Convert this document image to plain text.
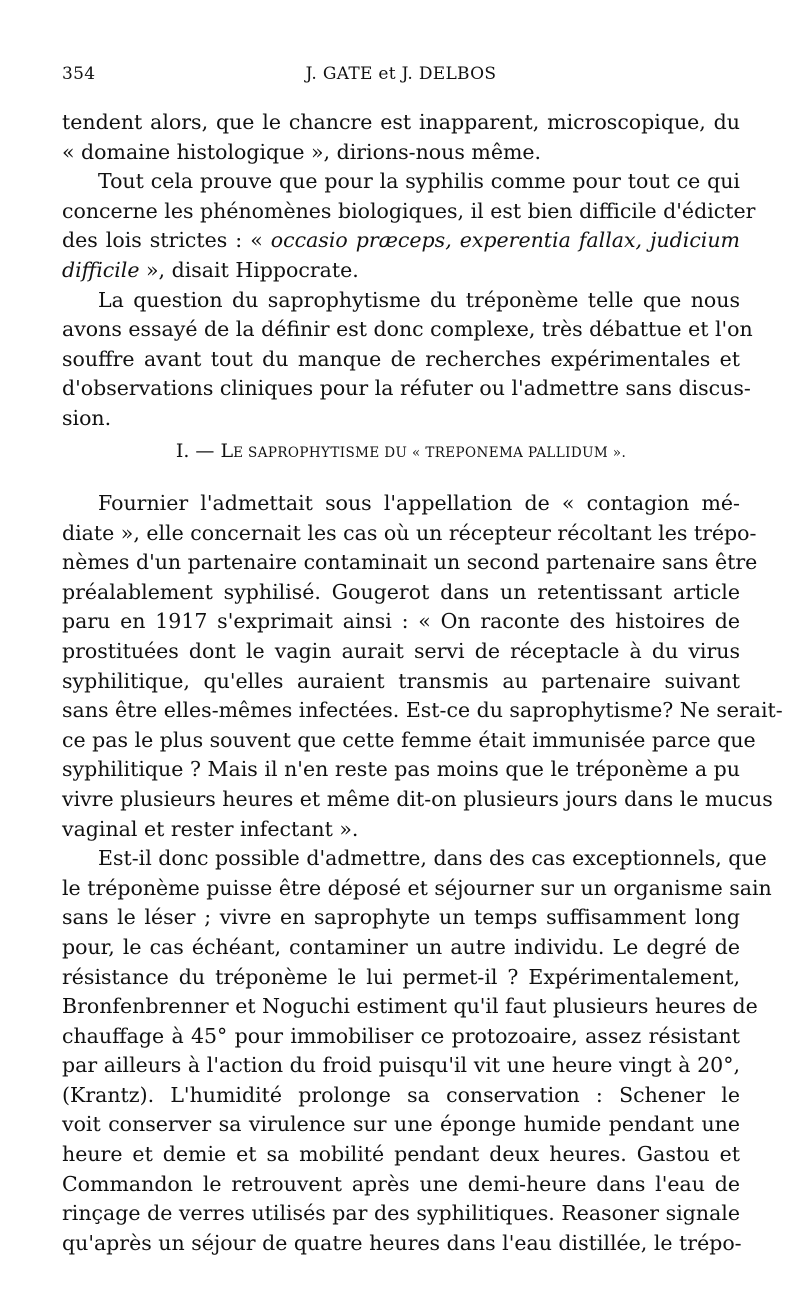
354	J. GATE et J. DELBOS
tendent alors, que le chancre est inapparent, microscopique, du
« domaine histologique », dirions-nous même.
Tout cela prouve que pour la syphilis comme pour tout ce qui
concerne les phénomènes biologiques, il est bien difficile d'édicter
des lois strictes : « occasio præceps, experentia fallax, judicium
difficile », disait Hippocrate.
La question du saprophytisme du tréponème telle que nous
avons essayé de la définir est donc complexe, très débattue et l'on
souffre avant tout du manque de recherches expérimentales et
d'observations cliniques pour la réfuter ou l'admettre sans discus-
sion.
I. — LE SAPROPHYTISME DU « TREPONEMA PALLIDUM ».
Fournier l'admettait sous l'appellation de « contagion mé-
diate », elle concernait les cas où un récepteur récoltant les trépo-
nèmes d'un partenaire contaminait un second partenaire sans être
préalablement syphilisé. Gougerot dans un retentissant article
paru en 1917 s'exprimait ainsi : « On raconte des histoires de
prostituées dont le vagin aurait servi de réceptacle à du virus
syphilitique, qu'elles auraient transmis au partenaire suivant
sans être elles-mêmes infectées. Est-ce du saprophytisme? Ne serait-
ce pas le plus souvent que cette femme était immunisée parce que
syphilitique ? Mais il n'en reste pas moins que le tréponème a pu
vivre plusieurs heures et même dit-on plusieurs jours dans le mucus
vaginal et rester infectant ».
Est-il donc possible d'admettre, dans des cas exceptionnels, que
le tréponème puisse être déposé et séjourner sur un organisme sain
sans le léser ; vivre en saprophyte un temps suffisamment long
pour, le cas échéant, contaminer un autre individu. Le degré de
résistance du tréponème le lui permet-il ? Expérimentalement,
Bronfenbrenner et Noguchi estiment qu'il faut plusieurs heures de
chauffage à 45° pour immobiliser ce protozoaire, assez résistant
par ailleurs à l'action du froid puisqu'il vit une heure vingt à 20°,
(Krantz). L'humidité prolonge sa conservation : Schener le
voit conserver sa virulence sur une éponge humide pendant une
heure et demie et sa mobilité pendant deux heures. Gastou et
Commandon le retrouvent après une demi-heure dans l'eau de
rinçage de verres utilisés par des syphilitiques. Reasoner signale
qu'après un séjour de quatre heures dans l'eau distillée, le trépo-
